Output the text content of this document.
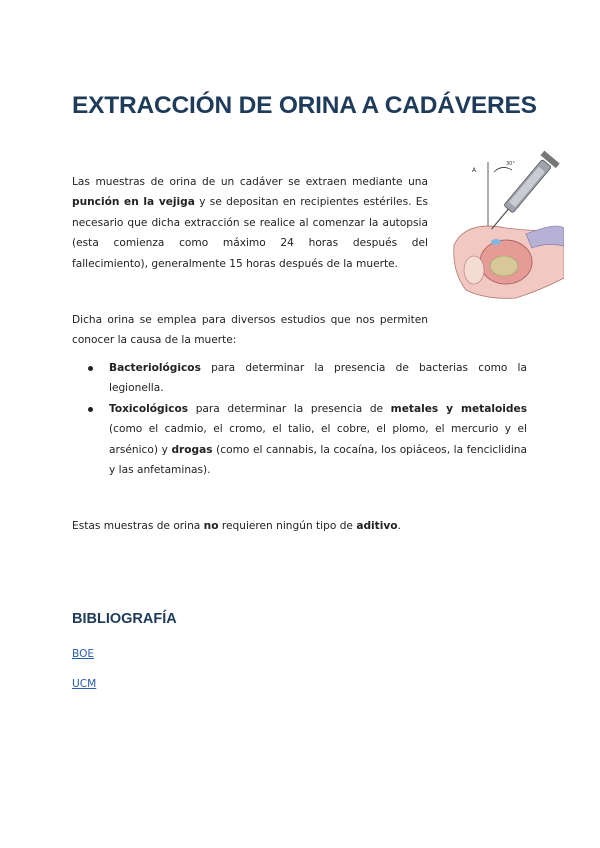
EXTRACCIÓN DE ORINA A CADÁVERES

Las muestras de orina de un cadáver se extraen mediante una punción en la vejiga y se depositan en recipientes estériles. Es necesario que dicha extracción se realice al comenzar la autopsia (esta comienza como máximo 24 horas después del fallecimiento), generalmente 15 horas después de la muerte.

A
30°

Dicha orina se emplea para diversos estudios que nos permiten conocer la causa de la muerte:

Bacteriológicos para determinar la presencia de bacterias como la legionella.
Toxicológicos para determinar la presencia de metales y metaloides (como el cadmio, el cromo, el talio, el cobre, el plomo, el mercurio y el arsénico) y drogas (como el cannabis, la cocaína, los opiáceos, la fenciclidina y las anfetaminas).

Estas muestras de orina no requieren ningún tipo de aditivo.

BIBLIOGRAFÍA
BOE
UCM
